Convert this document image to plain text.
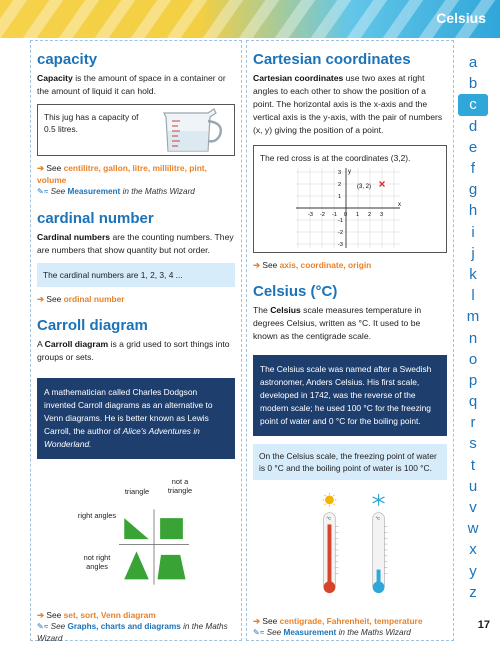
Celsius
capacity

Capacity is the amount of space in a container or the amount of liquid it can hold.

This jug has a capacity of 0.5 litres.
➔ See centilitre, gallon, litre, millilitre, pint, volume
✎≈ See Measurement in the Maths Wizard
cardinal number

Cardinal numbers are the counting numbers. They are numbers that show quantity but not order.

The cardinal numbers are 1, 2, 3, 4 ...
➔ See ordinal number
Carroll diagram

A Carroll diagram is a grid used to sort things into groups or sets.

A mathematician called Charles Dodgson invented Carroll diagrams as an alternative to Venn diagrams. He is better known as Lewis Carroll, the author of Alice's Adventures in Wonderland.
triangle
not a triangle
right angles
not right angles
➔ See set, sort, Venn diagram
✎≈ See Graphs, charts and diagrams in the Maths Wizard
Cartesian coordinates

Cartesian coordinates use two axes at right angles to each other to show the position of a point. The horizontal axis is the x-axis and the vertical axis is the y-axis, with the pair of numbers (x, y) giving the position of a point.

The red cross is at the coordinates (3,2).
x
y
-3 -2 -1 0 1 2 3
3
2
1
-1
-2
-3
(3, 2)
➔ See axis, coordinate, origin
Celsius (°C)

The Celsius scale measures temperature in degrees Celsius, written as °C. It used to be known as the centigrade scale.

The Celsius scale was named after a Swedish astronomer, Anders Celsius. His first scale, developed in 1742, was the reverse of the modern scale; he used 100 °C for the freezing point of water and 0 °C for the boiling point.
On the Celsius scale, the freezing point of water is 0 °C and the boiling point of water is 100 °C.
°C	°C
➔ See centigrade, Fahrenheit, temperature
✎≈ See Measurement in the Maths Wizard
a
b
c
d
e
f
g
h
i
j
k
l
m
n
o
p
q
r
s
t
u
v
w
x
y
z
17
